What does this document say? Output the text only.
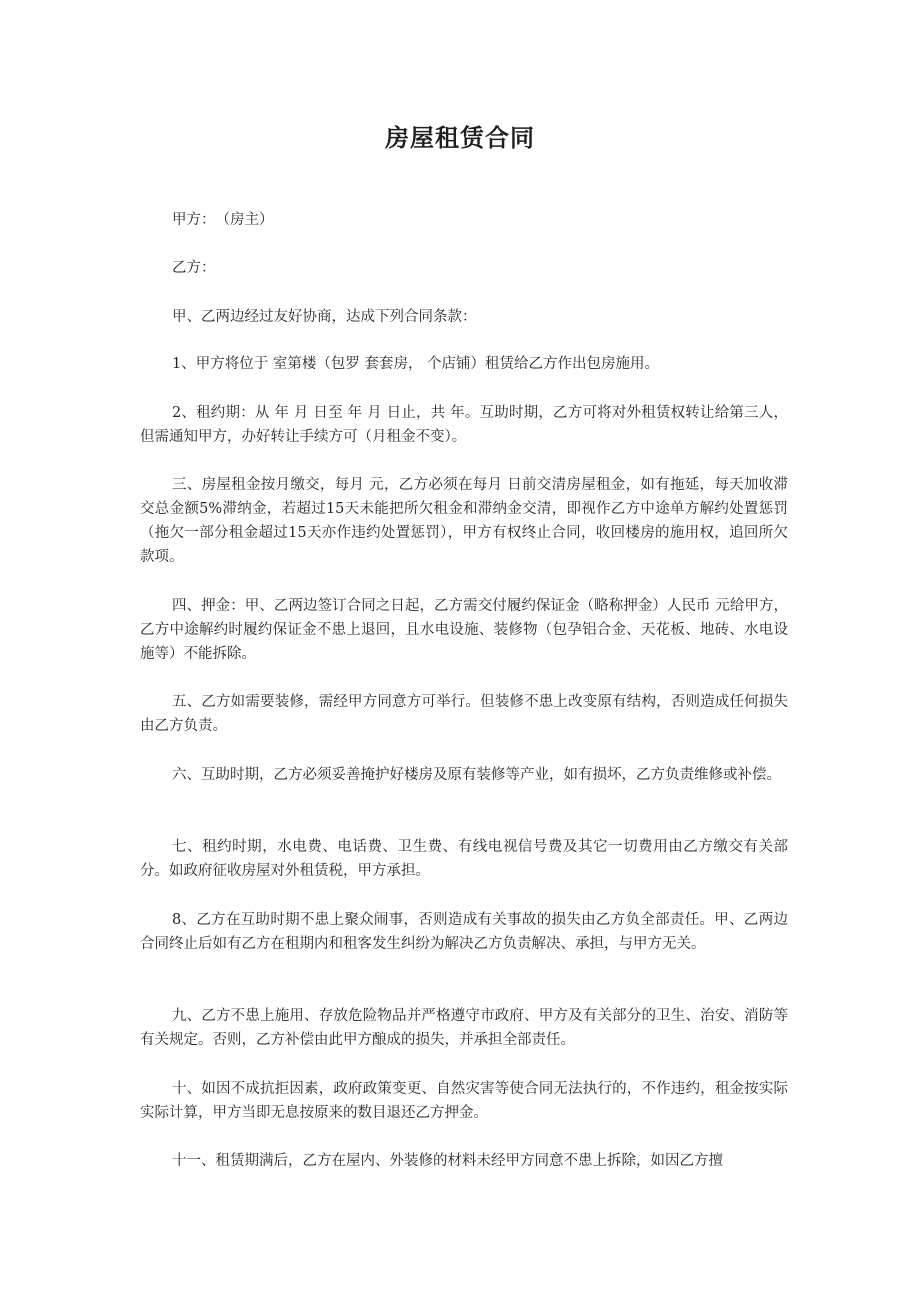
房屋租赁合同

甲方：　（房主）

乙方：

甲、乙两边经过友好协商，达成下列合同条款：

1、甲方将位于 室第楼（包罗 套套房， 个店铺）租赁给乙方作出包房施用。

2、租约期：从 年 月 日至 年 月 日止，共 年。互助时期，乙方可将对外租赁权转让给第三人，但需通知甲方，办好转让手续方可（月租金不变）。

三、房屋租金按月缴交，每月 元，乙方必须在每月 日前交清房屋租金，如有拖延，每天加收滞交总金额5%滞纳金，若超过15天未能把所欠租金和滞纳金交清，即视作乙方中途单方解约处置惩罚（拖欠一部分租金超过15天亦作违约处置惩罚），甲方有权终止合同，收回楼房的施用权，追回所欠款项。

四、押金：甲、乙两边签订合同之日起，乙方需交付履约保证金（略称押金）人民币 元给甲方，乙方中途解约时履约保证金不患上退回，且水电设施、装修物（包孕铝合金、天花板、地砖、水电设施等）不能拆除。

五、乙方如需要装修，需经甲方同意方可举行。但装修不患上改变原有结构，否则造成任何损失由乙方负责。

六、互助时期，乙方必须妥善掩护好楼房及原有装修等产业，如有损坏，乙方负责维修或补偿。

七、租约时期，水电费、电话费、卫生费、有线电视信号费及其它一切费用由乙方缴交有关部分。如政府征收房屋对外租赁税，甲方承担。

8、乙方在互助时期不患上聚众闹事，否则造成有关事故的损失由乙方负全部责任。甲、乙两边合同终止后如有乙方在租期内和租客发生纠纷为解决乙方负责解决、承担，与甲方无关。

九、乙方不患上施用、存放危险物品并严格遵守市政府、甲方及有关部分的卫生、治安、消防等有关规定。否则，乙方补偿由此甲方酿成的损失，并承担全部责任。

十、如因不成抗拒因素，政府政策变更、自然灾害等使合同无法执行的，不作违约，租金按实际实际计算，甲方当即无息按原来的数目退还乙方押金。

十一、租赁期满后，乙方在屋内、外装修的材料未经甲方同意不患上拆除，如因乙方擅
